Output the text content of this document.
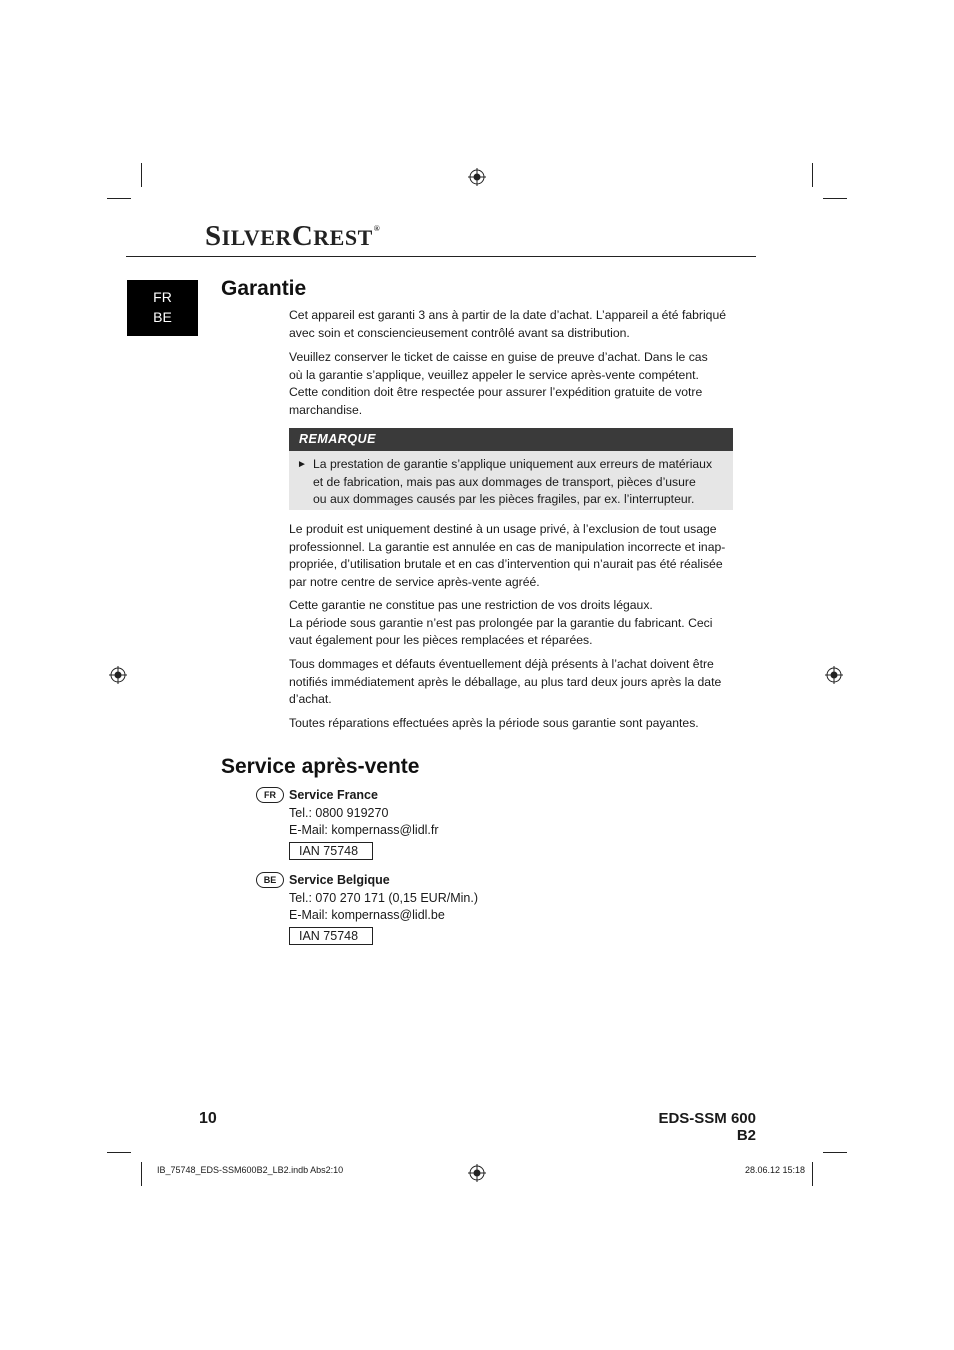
SILVERCREST®
FR
BE
Garantie

Cet appareil est garanti 3 ans à partir de la date d’achat. L’appareil a été fabriqué

avec soin et consciencieusement contrôlé avant sa distribution.

Veuillez conserver le ticket de caisse en guise de preuve d’achat. Dans le cas

où la garantie s’applique, veuillez appeler le service après-vente compétent.

Cette condition doit être respectée pour assurer l’expédition gratuite de votre

marchandise.

REMARQUE
► La prestation de garantie s’applique uniquement aux erreurs de matériaux
et de fabrication, mais pas aux dommages de transport, pièces d’usure
ou aux dommages causés par les pièces fragiles, par ex. l’interrupteur.

Le produit est uniquement destiné à un usage privé, à l’exclusion de tout usage

professionnel. La garantie est annulée en cas de manipulation incorrecte et inap-

propriée, d’utilisation brutale et en cas d’intervention qui n’aurait pas été réalisée

par notre centre de service après-vente agréé.

Cette garantie ne constitue pas une restriction de vos droits légaux.

La période sous garantie n’est pas prolongée par la garantie du fabricant. Ceci

vaut également pour les pièces remplacées et réparées.

Tous dommages et défauts éventuellement déjà présents à l’achat doivent être

notifiés immédiatement après le déballage, au plus tard deux jours après la date

d’achat.

Toutes réparations effectuées après la période sous garantie sont payantes.

Service après-vente
FR	Service France
Tel.: 0800 919270
E-Mail: kompernass@lidl.fr
IAN 75748
BE	Service Belgique
Tel.: 070 270 171 (0,15 EUR/Min.)
E-Mail: kompernass@lidl.be
IAN 75748
10	EDS-SSM 600 B2
IB_75748_EDS-SSM600B2_LB2.indb Abs2:10	28.06.12 15:18
